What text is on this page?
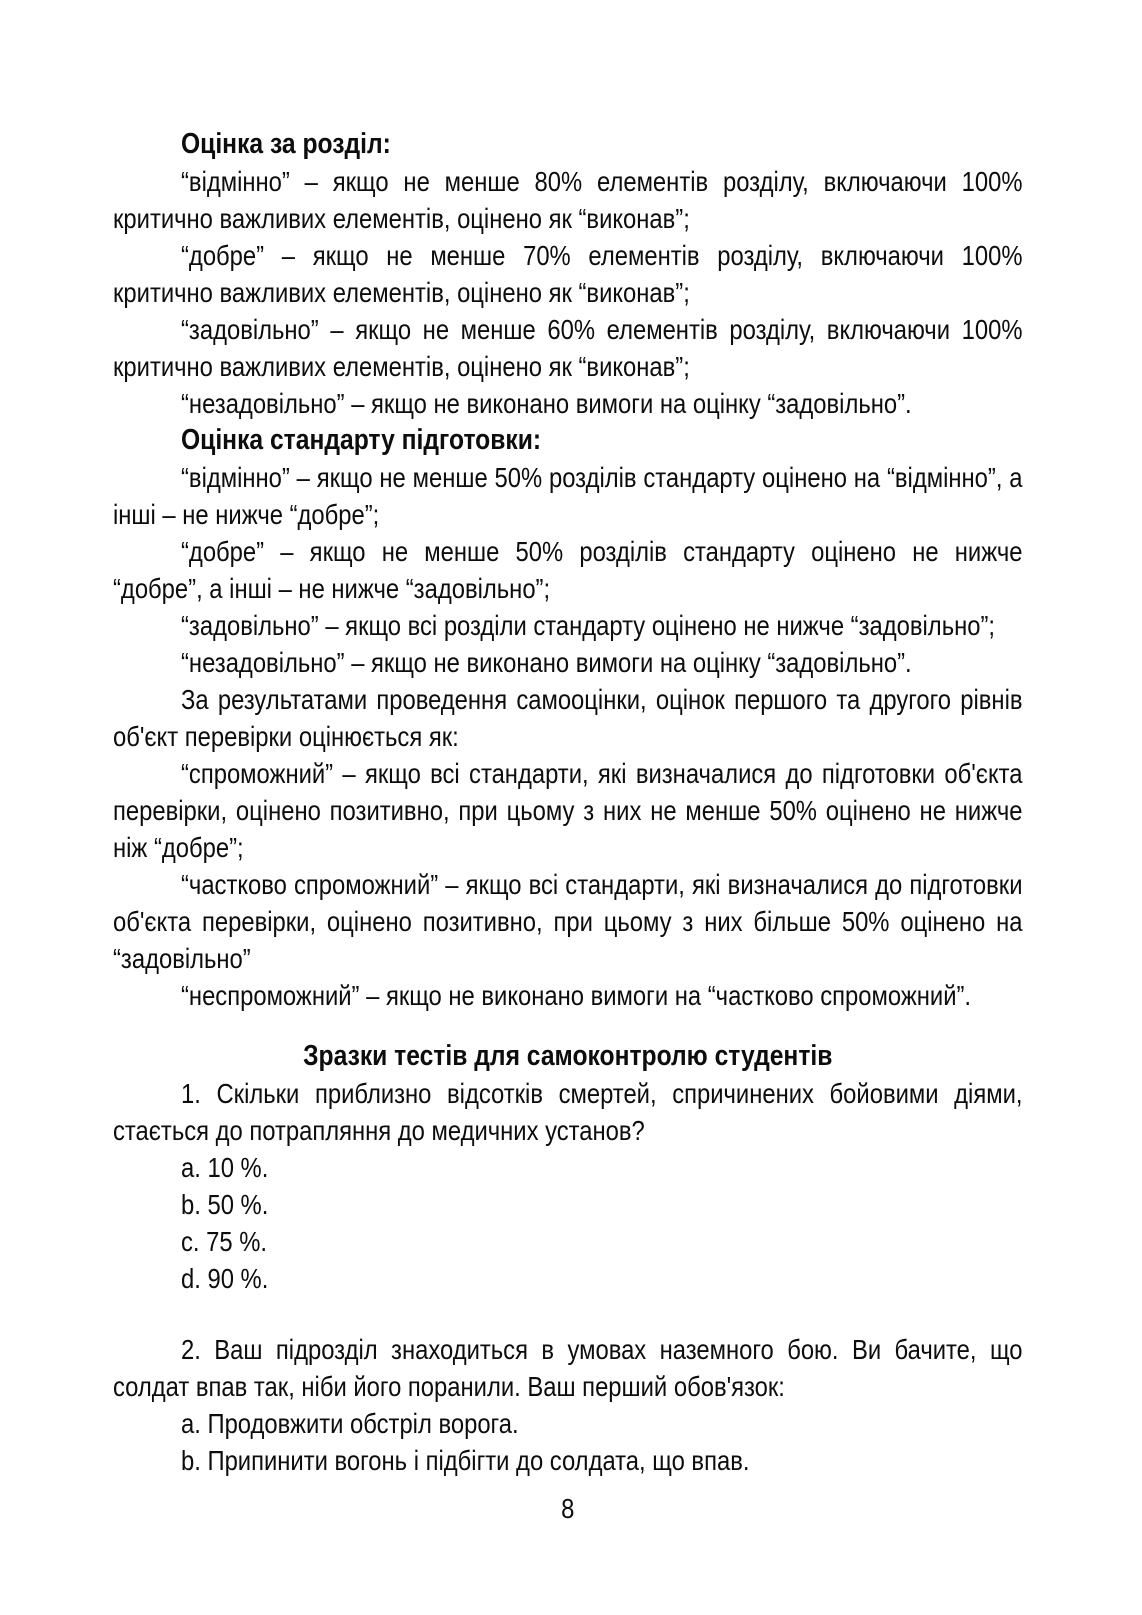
Оцінка за розділ:

“відмінно” – якщо не менше 80% елементів розділу, включаючи 100% критично важливих елементів, оцінено як “виконав”;

“добре” – якщо не менше 70% елементів розділу, включаючи 100% критично важливих елементів, оцінено як “виконав”;

“задовільно” – якщо не менше 60% елементів розділу, включаючи 100% критично важливих елементів, оцінено як “виконав”;

“незадовільно” – якщо не виконано вимоги на оцінку “задовільно”.

Оцінка стандарту підготовки:

“відмінно” – якщо не менше 50% розділів стандарту оцінено на “відмінно”, а інші – не нижче “добре”;

“добре” – якщо не менше 50% розділів стандарту оцінено не нижче “добре”, а інші – не нижче “задовільно”;

“задовільно” – якщо всі розділи стандарту оцінено не нижче “задовільно”;

“незадовільно” – якщо не виконано вимоги на оцінку “задовільно”.

За результатами проведення самооцінки, оцінок першого та другого рівнів об'єкт перевірки оцінюється як:

“спроможний” – якщо всі стандарти, які визначалися до підготовки об'єкта перевірки, оцінено позитивно, при цьому з них не менше 50% оцінено не нижче ніж “добре”;

“частково спроможний” – якщо всі стандарти, які визначалися до підготовки об'єкта перевірки, оцінено позитивно, при цьому з них більше 50% оцінено на “задовільно”

“неспроможний” – якщо не виконано вимоги на “частково спроможний”.

Зразки тестів для самоконтролю студентів

1. Скільки приблизно відсотків смертей, спричинених бойовими діями, стається до потрапляння до медичних установ?

a. 10 %.

b. 50 %.

c. 75 %.

d. 90 %.

2. Ваш підрозділ знаходиться в умовах наземного бою. Ви бачите, що солдат впав так, ніби його поранили. Ваш перший обов'язок:

a. Продовжити обстріл ворога.

b. Припинити вогонь і підбігти до солдата, що впав.

8
